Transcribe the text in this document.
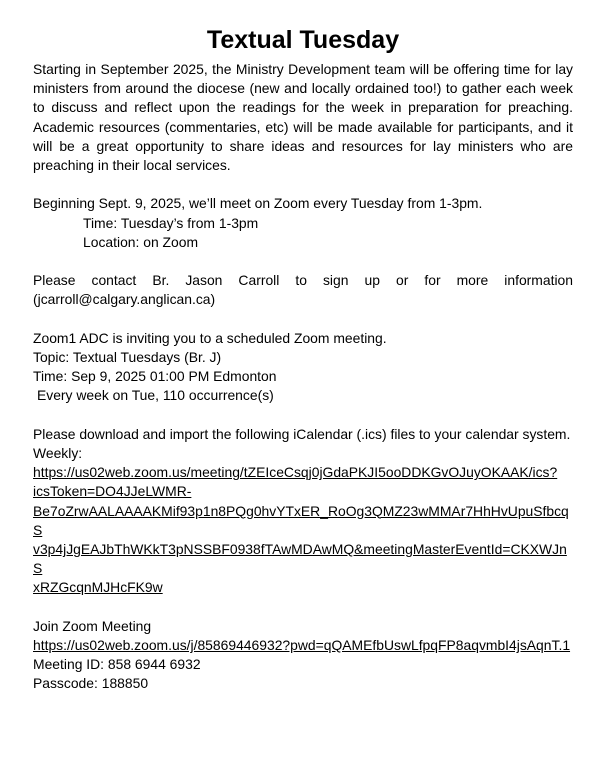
Textual Tuesday

Starting in September 2025, the Ministry Development team will be offering time for lay ministers from around the diocese (new and locally ordained too!) to gather each week to discuss and reflect upon the readings for the week in preparation for preaching. Academic resources (commentaries, etc) will be made available for participants, and it will be a great opportunity to share ideas and resources for lay ministers who are preaching in their local services.

Beginning Sept. 9, 2025, we’ll meet on Zoom every Tuesday from 1-3pm.

Time: Tuesday’s from 1-3pm

Location: on Zoom

Please contact Br. Jason Carroll to sign up or for more information

(jcarroll@calgary.anglican.ca)

Zoom1 ADC is inviting you to a scheduled Zoom meeting.

Topic: Textual Tuesdays (Br. J)

Time: Sep 9, 2025 01:00 PM Edmonton

Every week on Tue, 110 occurrence(s)

Please download and import the following iCalendar (.ics) files to your calendar system.

Weekly:

https://us02web.zoom.us/meeting/tZEIceCsqj0jGdaPKJI5ooDDKGvOJuyOKAAK/ics?
icsToken=DO4JJeLWMR-
Be7oZrwAALAAAAKMif93p1n8PQg0hvYTxER_RoOg3QMZ23wMMAr7HhHvUpuSfbcqS
v3p4jJgEAJbThWKkT3pNSSBF0938fTAwMDAwMQ&meetingMasterEventId=CKXWJnS
xRZGcqnMJHcFK9w

Join Zoom Meeting

https://us02web.zoom.us/j/85869446932?pwd=qQAMEfbUswLfpqFP8aqvmbI4jsAqnT.1

Meeting ID: 858 6944 6932

Passcode: 188850
